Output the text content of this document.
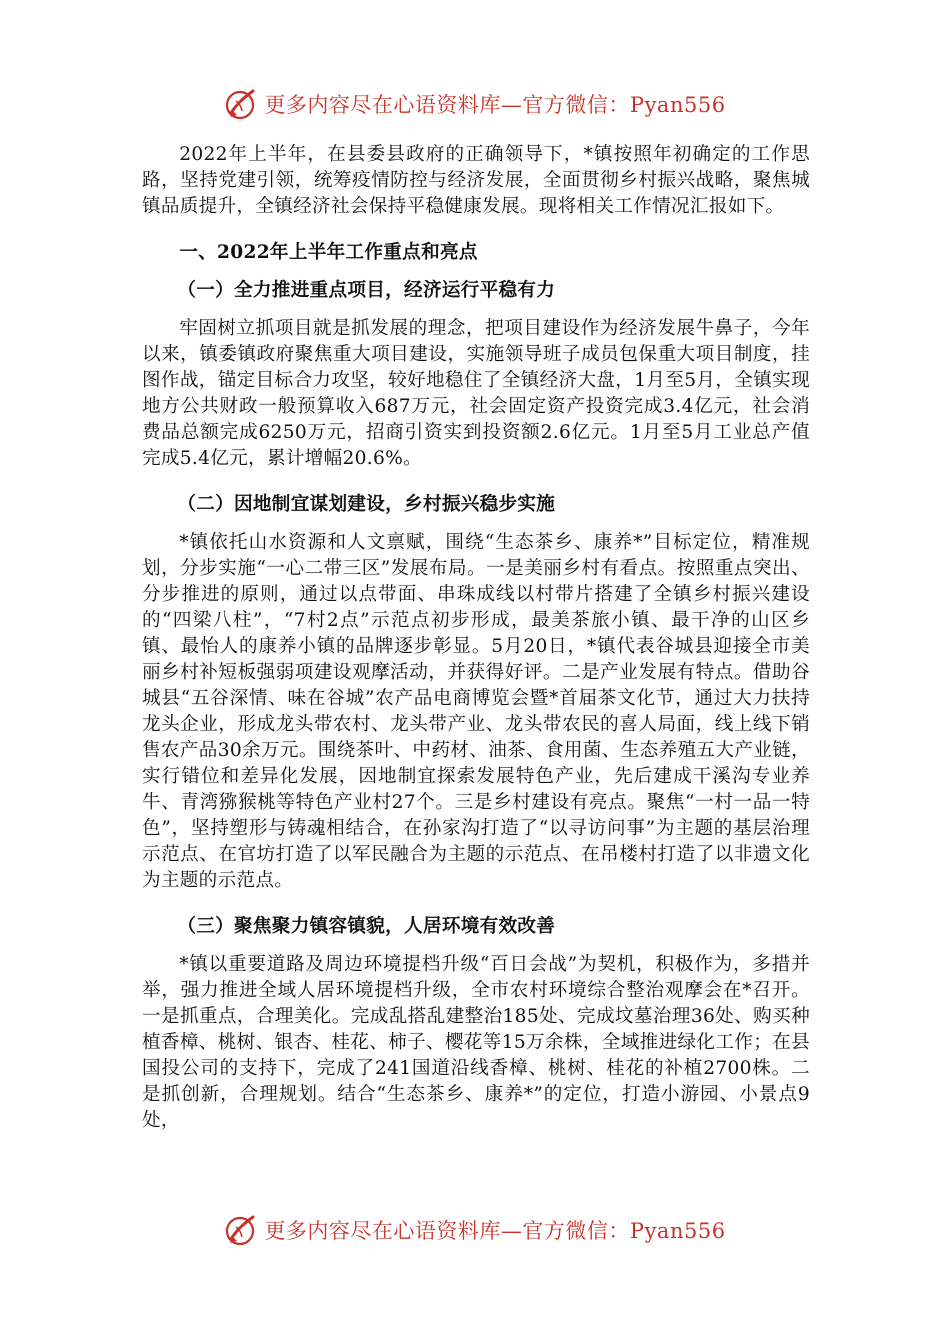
更多内容尽在心语资料库—官方微信：Pyan556

2022年上半年，在县委县政府的正确领导下，*镇按照年初确定的工作思路，坚持党建引领，统筹疫情防控与经济发展，全面贯彻乡村振兴战略，聚焦城镇品质提升，全镇经济社会保持平稳健康发展。现将相关工作情况汇报如下。

一、2022年上半年工作重点和亮点
（一）全力推进重点项目，经济运行平稳有力

牢固树立抓项目就是抓发展的理念，把项目建设作为经济发展牛鼻子，今年以来，镇委镇政府聚焦重大项目建设，实施领导班子成员包保重大项目制度，挂图作战，锚定目标合力攻坚，较好地稳住了全镇经济大盘，1月至5月，全镇实现地方公共财政一般预算收入687万元，社会固定资产投资完成3.4亿元，社会消费品总额完成6250万元，招商引资实到投资额2.6亿元。1月至5月工业总产值完成5.4亿元，累计增幅20.6%。

（二）因地制宜谋划建设，乡村振兴稳步实施

*镇依托山水资源和人文禀赋，围绕“生态茶乡、康养*”目标定位，精准规划，分步实施“一心二带三区”发展布局。一是美丽乡村有看点。按照重点突出、分步推进的原则，通过以点带面、串珠成线以村带片搭建了全镇乡村振兴建设的“四梁八柱”，“7村2点”示范点初步形成，最美茶旅小镇、最干净的山区乡镇、最怡人的康养小镇的品牌逐步彰显。5月20日，*镇代表谷城县迎接全市美丽乡村补短板强弱项建设观摩活动，并获得好评。二是产业发展有特点。借助谷城县“五谷深情、味在谷城”农产品电商博览会暨*首届茶文化节，通过大力扶持龙头企业，形成龙头带农村、龙头带产业、龙头带农民的喜人局面，线上线下销售农产品30余万元。围绕茶叶、中药材、油茶、食用菌、生态养殖五大产业链，实行错位和差异化发展，因地制宜探索发展特色产业，先后建成干溪沟专业养牛、青湾猕猴桃等特色产业村27个。三是乡村建设有亮点。聚焦“一村一品一特色”，坚持塑形与铸魂相结合，在孙家沟打造了“以寻访问事”为主题的基层治理示范点、在官坊打造了以军民融合为主题的示范点、在吊楼村打造了以非遗文化为主题的示范点。

（三）聚焦聚力镇容镇貌，人居环境有效改善

*镇以重要道路及周边环境提档升级“百日会战”为契机，积极作为，多措并举，强力推进全域人居环境提档升级，全市农村环境综合整治观摩会在*召开。一是抓重点，合理美化。完成乱搭乱建整治185处、完成坟墓治理36处、购买种植香樟、桃树、银杏、桂花、柿子、樱花等15万余株，全域推进绿化工作；在县国投公司的支持下，完成了241国道沿线香樟、桃树、桂花的补植2700株。二是抓创新，合理规划。结合“生态茶乡、康养*”的定位，打造小游园、小景点9处，

更多内容尽在心语资料库—官方微信：Pyan556
